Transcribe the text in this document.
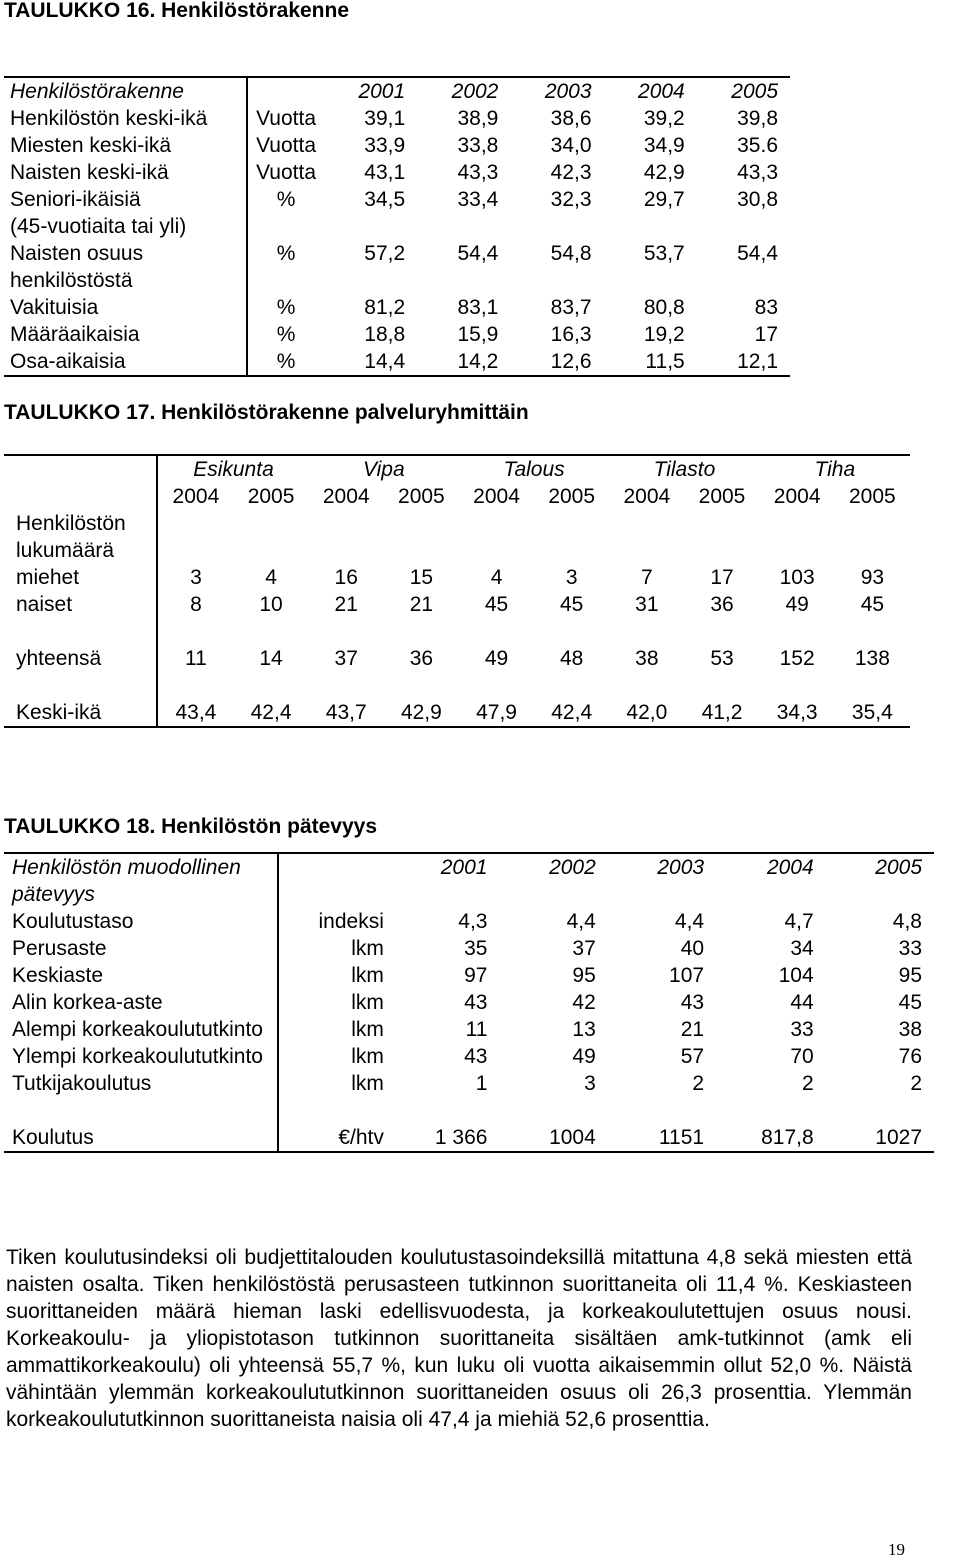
TAULUKKO 16. Henkilöstörakenne
Henkilöstörakenne		2001	2002	2003	2004	2005
Henkilöstön keski-ikä	Vuotta	39,1	38,9	38,6	39,2	39,8
Miesten keski-ikä	Vuotta	33,9	33,8	34,0	34,9	35.6
Naisten keski-ikä	Vuotta	43,1	43,3	42,3	42,9	43,3
Seniori-ikäisiä	%	34,5	33,4	32,3	29,7	30,8
(45-vuotiaita tai yli)						
Naisten osuus	%	57,2	54,4	54,8	53,7	54,4
henkilöstöstä						
Vakituisia	%	81,2	83,1	83,7	80,8	83
Määräaikaisia	%	18,8	15,9	16,3	19,2	17
Osa-aikaisia	%	14,4	14,2	12,6	11,5	12,1
TAULUKKO 17. Henkilöstörakenne palveluryhmittäin
	Esikunta		Vipa		Talous		Tilasto		Tiha	
	2004	2005	2004	2005	2004	2005	2004	2005	2004	2005
Henkilöstön										
lukumäärä										
miehet	3	4	16	15	4	3	7	17	103	93
naiset	8	10	21	21	45	45	31	36	49	45

yhteensä	11	14	37	36	49	48	38	53	152	138

Keski-ikä	43,4	42,4	43,7	42,9	47,9	42,4	42,0	41,2	34,3	35,4
TAULUKKO 18. Henkilöstön pätevyys
Henkilöstön muodollinen pätevyys		2001	2002	2003	2004	2005
Koulutustaso	indeksi	4,3	4,4	4,4	4,7	4,8
Perusaste	lkm	35	37	40	34	33
Keskiaste	lkm	97	95	107	104	95
Alin korkea-aste	lkm	43	42	43	44	45
Alempi korkeakoulututkinto	lkm	11	13	21	33	38
Ylempi korkeakoulututkinto	lkm	43	49	57	70	76
Tutkijakoulutus	lkm	1	3	2	2	2

Koulutus	€/htv	1 366	1004	1151	817,8	1027

Tiken koulutusindeksi oli budjettitalouden koulutustasoindeksillä mitattuna 4,8 sekä miesten että naisten osalta. Tiken henkilöstöstä perusasteen tutkinnon suorittaneita oli 11,4 %. Keskiasteen suorittaneiden määrä hieman laski edellisvuodesta, ja korkeakoulutettujen osuus nousi. Korkeakoulu- ja yliopistotason tutkinnon suorittaneita sisältäen amk-tutkinnot (amk eli ammattikorkeakoulu) oli yhteensä 55,7 %, kun luku oli vuotta aikaisemmin ollut 52,0 %. Näistä vähintään ylemmän korkeakoulututkinnon suorittaneiden osuus oli 26,3 prosenttia. Ylemmän korkeakoulututkinnon suorittaneista naisia oli 47,4 ja miehiä 52,6 prosenttia.

19
